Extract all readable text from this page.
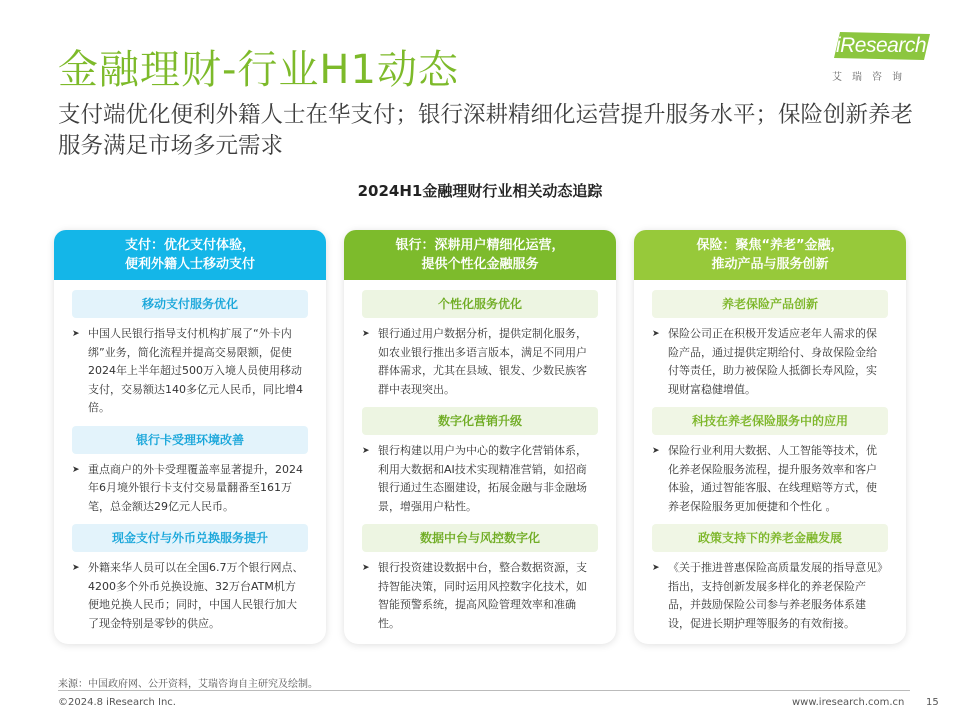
金融理财-行业H1动态
iResearch
艾瑞咨询
支付端优化便利外籍人士在华支付；银行深耕精细化运营提升服务水平；保险创新养老服务满足市场多元需求
2024H1金融理财行业相关动态追踪
支付：优化支付体验，
便利外籍人士移动支付
移动支付服务优化
➤ 中国人民银行指导支付机构扩展了“外卡内绑”业务，简化流程并提高交易限额，促使2024年上半年超过500万入境人员使用移动支付，交易额达140多亿元人民币，同比增4倍。
银行卡受理环境改善
➤ 重点商户的外卡受理覆盖率显著提升，2024年6月境外银行卡支付交易量翻番至161万笔，总金额达29亿元人民币。
现金支付与外币兑换服务提升
➤ 外籍来华人员可以在全国6.7万个银行网点、4200多个外币兑换设施、32万台ATM机方便地兑换人民币；同时，中国人民银行加大了现金特别是零钞的供应。
银行：深耕用户精细化运营，
提供个性化金融服务
个性化服务优化
➤ 银行通过用户数据分析，提供定制化服务，如农业银行推出多语言版本，满足不同用户群体需求，尤其在县域、银发、少数民族客群中表现突出。
数字化营销升级
➤ 银行构建以用户为中心的数字化营销体系，利用大数据和AI技术实现精准营销，如招商银行通过生态圈建设，拓展金融与非金融场景，增强用户粘性。
数据中台与风控数字化
➤ 银行投资建设数据中台，整合数据资源，支持智能决策，同时运用风控数字化技术，如智能预警系统，提高风险管理效率和准确性。
保险：聚焦“养老”金融，
推动产品与服务创新
养老保险产品创新
➤ 保险公司正在积极开发适应老年人需求的保险产品，通过提供定期给付、身故保险金给付等责任，助力被保险人抵御长寿风险，实现财富稳健增值。
科技在养老保险服务中的应用
➤ 保险行业利用大数据、人工智能等技术，优化养老保险服务流程，提升服务效率和客户体验，通过智能客服、在线理赔等方式，使养老保险服务更加便捷和个性化 。
政策支持下的养老金融发展
➤ 《关于推进普惠保险高质量发展的指导意见》指出，支持创新发展多样化的养老保险产品，并鼓励保险公司参与养老服务体系建设，促进长期护理等服务的有效衔接。
来源：中国政府网、公开资料，艾瑞咨询自主研究及绘制。
©2024.8 iResearch Inc.	www.iresearch.com.cn 15
